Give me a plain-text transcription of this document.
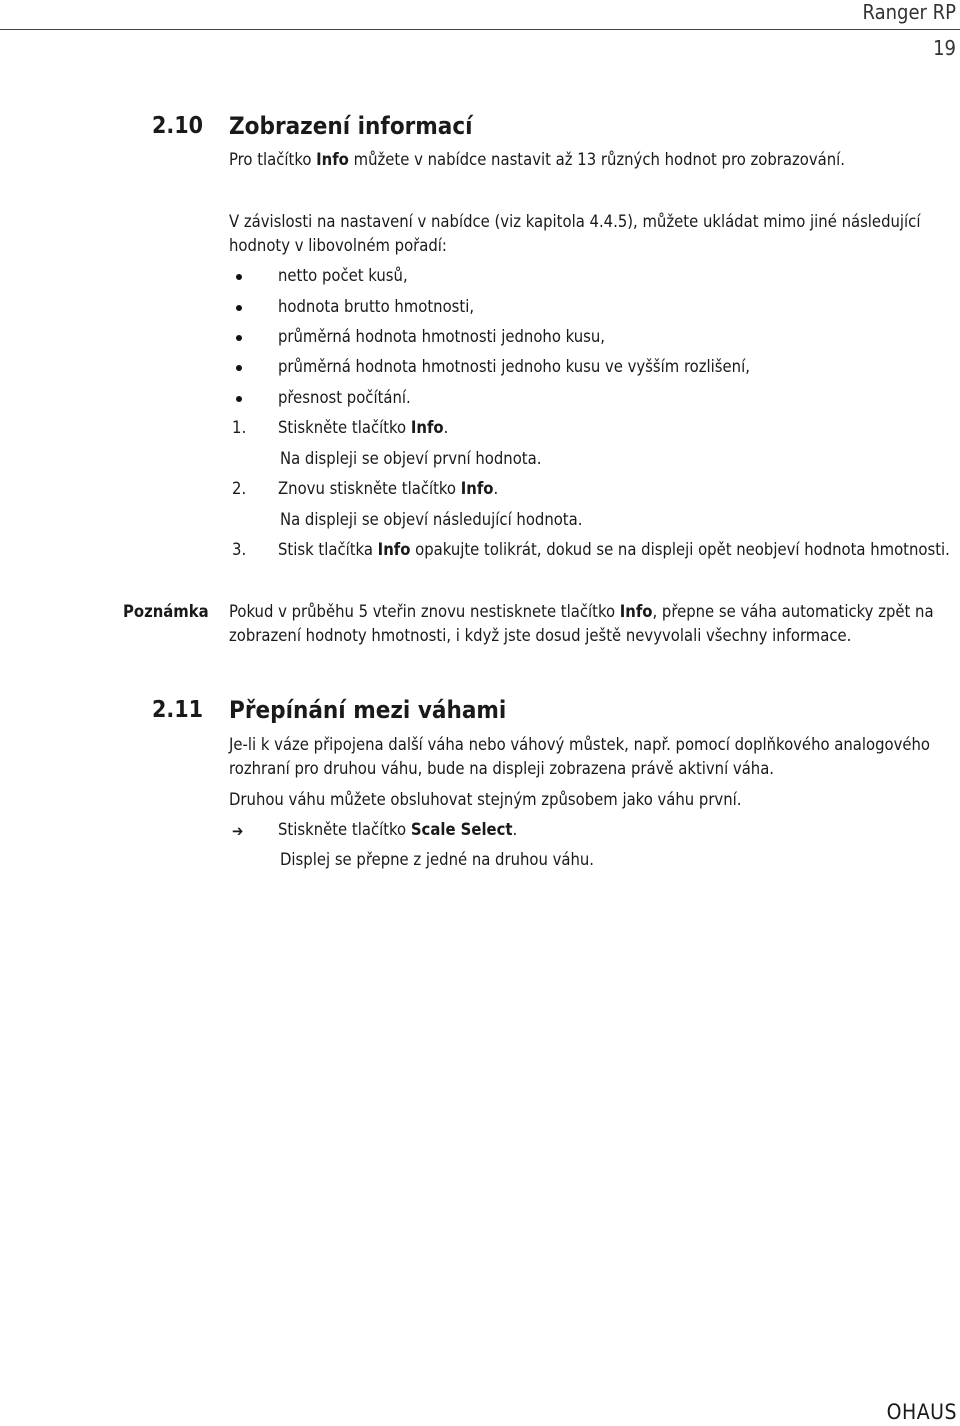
Ranger RP
19
2.10 Zobrazení informací
Pro tlačítko Info můžete v nabídce nastavit až 13 různých hodnot pro zobrazování.
V závislosti na nastavení v nabídce (viz kapitola 4.4.5), můžete ukládat mimo jiné následující
hodnoty v libovolném pořadí:
netto počet kusů,
hodnota brutto hmotnosti,
průměrná hodnota hmotnosti jednoho kusu,
průměrná hodnota hmotnosti jednoho kusu ve vyšším rozlišení,
přesnost počítání.
1. Stiskněte tlačítko Info.
Na displeji se objeví první hodnota.
2. Znovu stiskněte tlačítko Info.
Na displeji se objeví následující hodnota.
3. Stisk tlačítka Info opakujte tolikrát, dokud se na displeji opět neobjeví hodnota hmotnosti.
Poznámka Pokud v průběhu 5 vteřin znovu nestisknete tlačítko Info, přepne se váha automaticky zpět na
zobrazení hodnoty hmotnosti, i když jste dosud ještě nevyvolali všechny informace.
2.11 Přepínání mezi váhami
Je-li k váze připojena další váha nebo váhový můstek, např. pomocí doplňkového analogového
rozhraní pro druhou váhu, bude na displeji zobrazena právě aktivní váha.
Druhou váhu můžete obsluhovat stejným způsobem jako váhu první.
➔ Stiskněte tlačítko Scale Select.
Displej se přepne z jedné na druhou váhu.
OHAUS
